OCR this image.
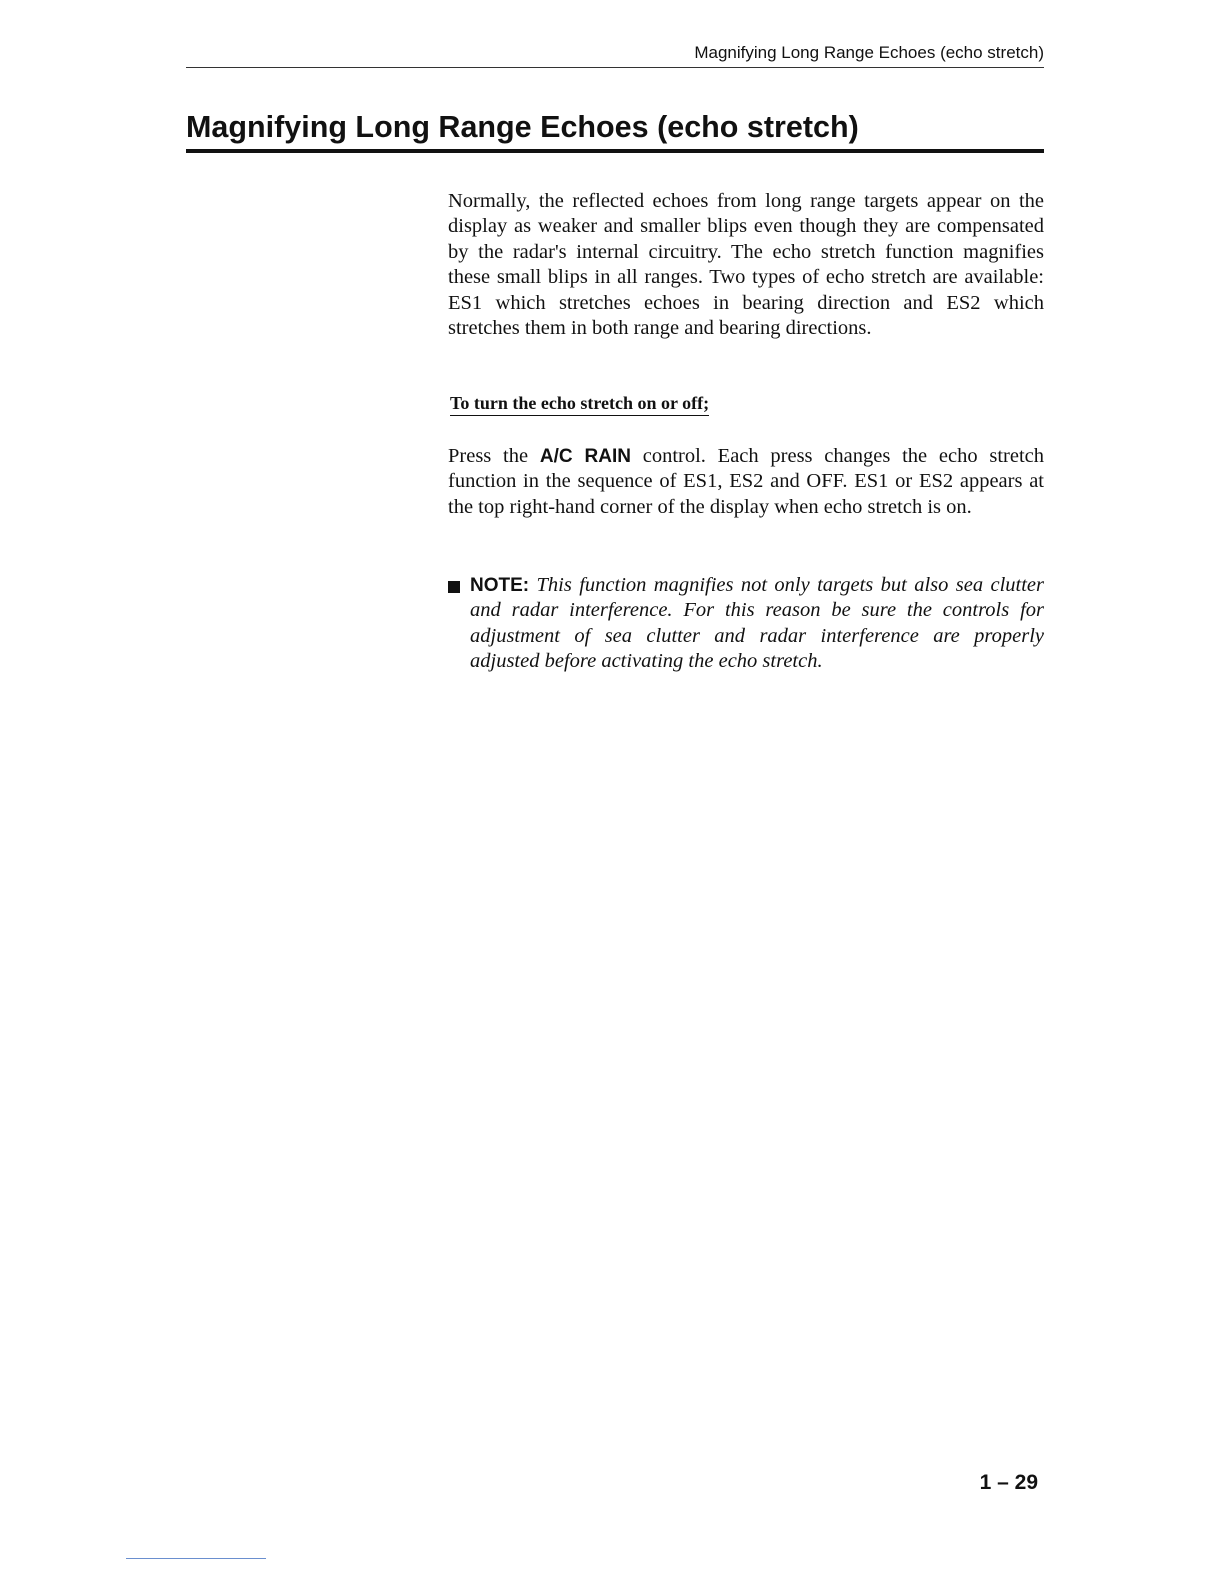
Magnifying Long Range Echoes (echo stretch)
Magnifying Long Range Echoes (echo stretch)

Normally, the reflected echoes from long range targets appear on the display as weaker and smaller blips even though they are compensated by the radar's internal circuitry. The echo stretch function magnifies these small blips in all ranges. Two types of echo stretch are available: ES1 which stretches echoes in bearing direction and ES2 which stretches them in both range and bearing directions.

To turn the echo stretch on or off;

Press the A/C RAIN control. Each press changes the echo stretch function in the sequence of ES1, ES2 and OFF. ES1 or ES2 appears at the top right-hand corner of the display when echo stretch is on.

NOTE: This function magnifies not only targets but also sea clutter and radar interference. For this reason be sure the controls for adjustment of sea clutter and radar interference are properly adjusted before activating the echo stretch.

1 – 29
